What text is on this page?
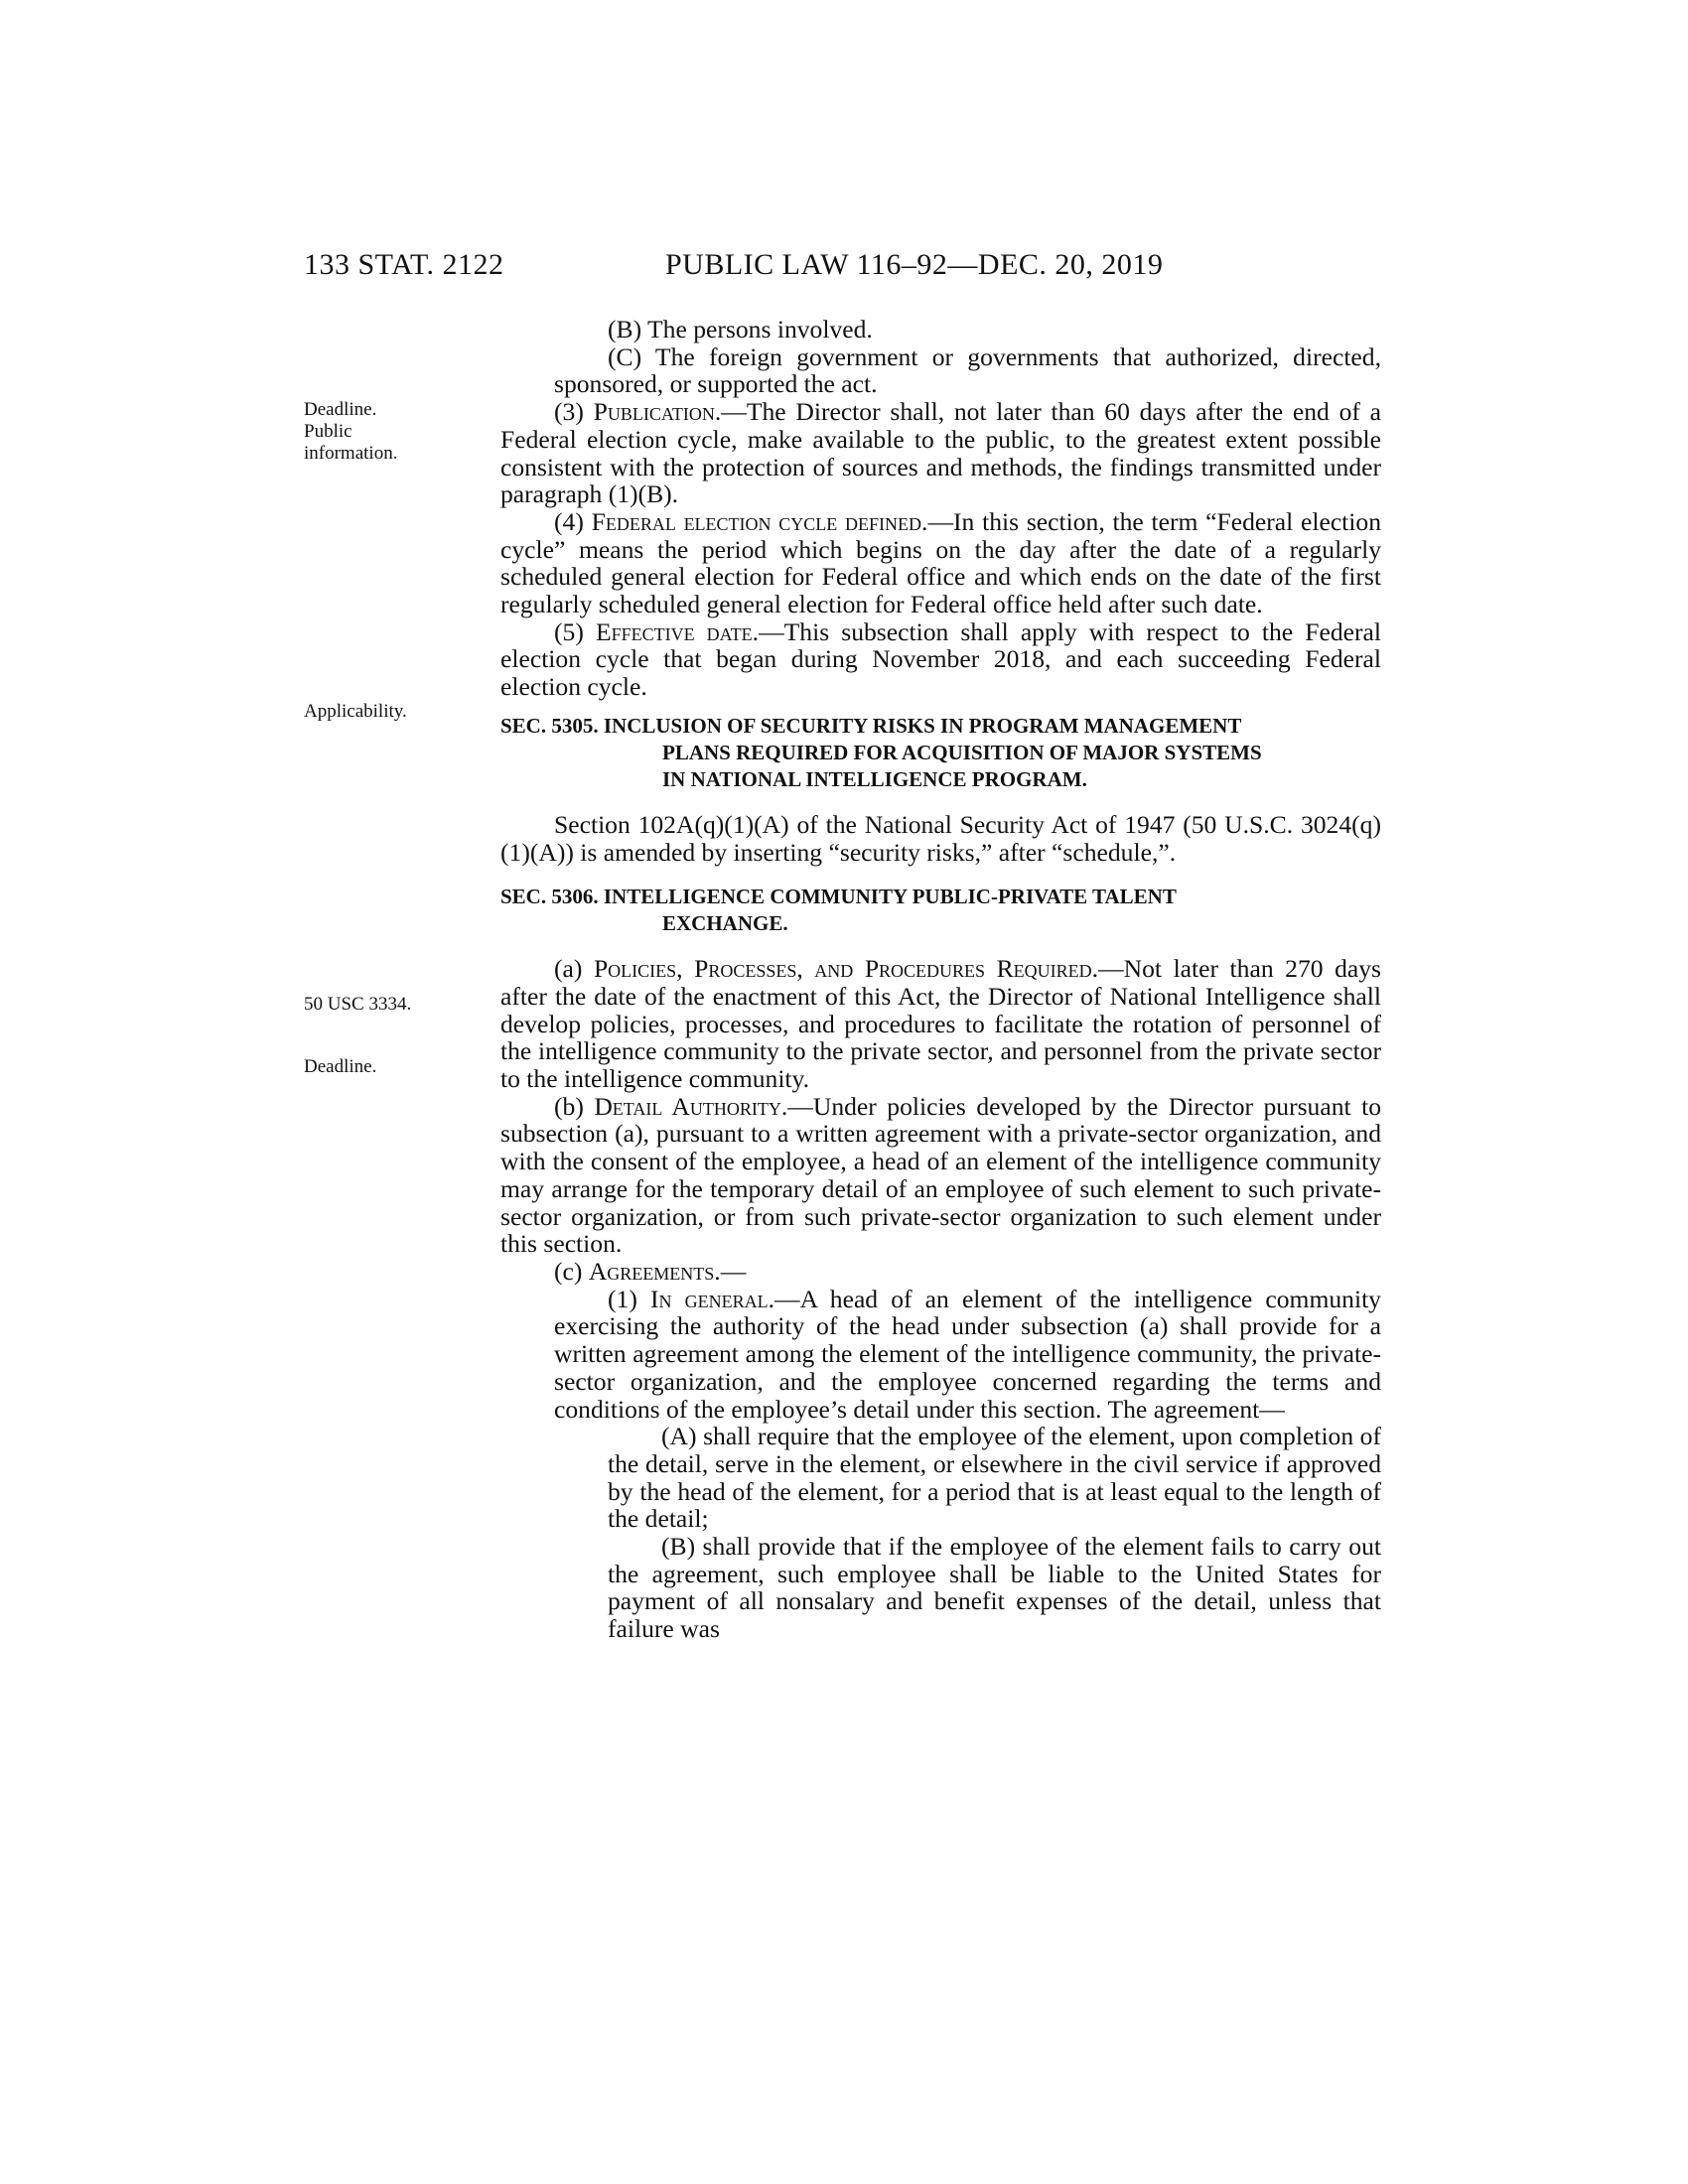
133 STAT. 2122	PUBLIC LAW 116–92—DEC. 20, 2019
Deadline.
Public
information.
Applicability.
50 USC 3334.
Deadline.

(B) The persons involved.

(C) The foreign government or governments that authorized, directed, sponsored, or supported the act.

(3) Publication.—The Director shall, not later than 60 days after the end of a Federal election cycle, make available to the public, to the greatest extent possible consistent with the protection of sources and methods, the findings transmitted under paragraph (1)(B).

(4) Federal election cycle defined.—In this section, the term “Federal election cycle” means the period which begins on the day after the date of a regularly scheduled general election for Federal office and which ends on the date of the first regularly scheduled general election for Federal office held after such date.

(5) Effective date.—This subsection shall apply with respect to the Federal election cycle that began during November 2018, and each succeeding Federal election cycle.

SEC. 5305. INCLUSION OF SECURITY RISKS IN PROGRAM MANAGEMENT
PLANS REQUIRED FOR ACQUISITION OF MAJOR SYSTEMS
IN NATIONAL INTELLIGENCE PROGRAM.

Section 102A(q)(1)(A) of the National Security Act of 1947 (50 U.S.C. 3024(q)(1)(A)) is amended by inserting “security risks,” after “schedule,”.

SEC. 5306. INTELLIGENCE COMMUNITY PUBLIC-PRIVATE TALENT
EXCHANGE.

(a) Policies, Processes, and Procedures Required.—Not later than 270 days after the date of the enactment of this Act, the Director of National Intelligence shall develop policies, processes, and procedures to facilitate the rotation of personnel of the intelligence community to the private sector, and personnel from the private sector to the intelligence community.

(b) Detail Authority.—Under policies developed by the Director pursuant to subsection (a), pursuant to a written agreement with a private-sector organization, and with the consent of the employee, a head of an element of the intelligence community may arrange for the temporary detail of an employee of such element to such private-sector organization, or from such private-sector organization to such element under this section.

(c) Agreements.—

(1) In general.—A head of an element of the intelligence community exercising the authority of the head under subsection (a) shall provide for a written agreement among the element of the intelligence community, the private-sector organization, and the employee concerned regarding the terms and conditions of the employee’s detail under this section. The agreement—

(A) shall require that the employee of the element, upon completion of the detail, serve in the element, or elsewhere in the civil service if approved by the head of the element, for a period that is at least equal to the length of the detail;

(B) shall provide that if the employee of the element fails to carry out the agreement, such employee shall be liable to the United States for payment of all nonsalary and benefit expenses of the detail, unless that failure was
